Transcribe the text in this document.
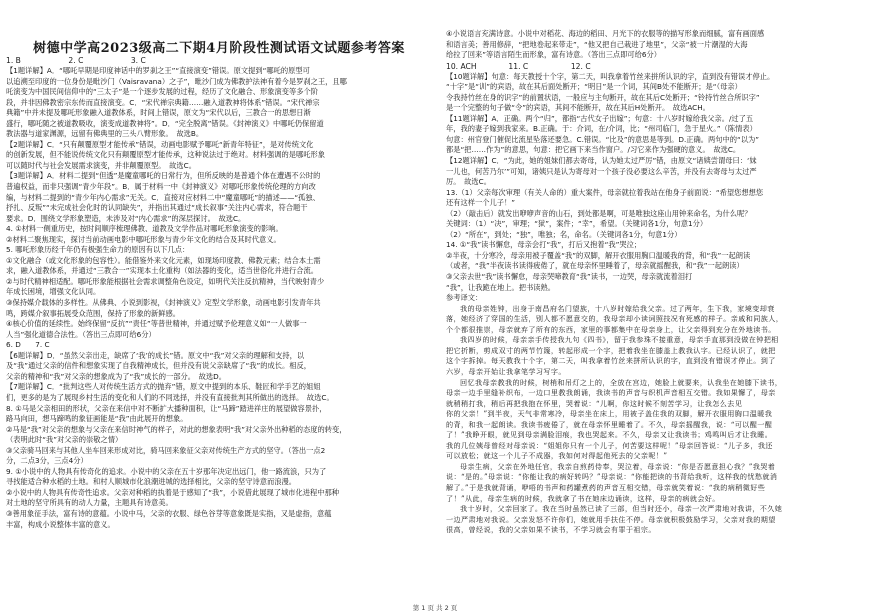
树德中学高2023级高二下期4月阶段性测试语文试题参考答案
1. B	2. C	3. C
【1题详解】A．“哪吒早期是印度神话中的罗刹之王”“直接演变”错误。原文提到“哪吒的原型可
以追溯至印度的一位身份是毗沙门（Vaisravana）之子”，毗沙门成为佛教护法神有着今是罗刹之王，且哪
吒演变为中国民间信仰中的“三太子”是一个逐步发展的过程，经历了文化融合、形象演变等多个阶
段，并非因佛教密宗东传而直接演变。C．“宋代禅宗典籍……融入道教神将体系”错误。“宋代禅宗
典籍”中并未提及哪吒形象融入道教体系，时间上错误，原文为“宋代以后，三教合一的思想日渐
盛行，哪吒随之被道教吸收，演变成道教神将”。D．“完全脱离”错误。《封神演义》中哪吒仍保留道
教法器与道家渊源，远留有佛典里的三头八臂形象。　故选B。
【2题详解】C．“只有颠覆原型才能传承”错误，动画电影赋予哪吒“新青年特征”，是对传统文化
的创新发展，但不能说传统文化只有颠覆原型才能传承，这种说法过于绝对。材料强调的是哪吒形象
可以随时代与社会发展需求演变，并非颠覆原型。　故选C。
【3题详解】A．材料二提到“但透”是魔童哪吒的日常行为，但所反映的是普通个体在遭遇不公时的
普遍权益，而非只强调“青少年段”。B．属于材料一中《封神演义》对哪吒形象传统伦理的方向改
编，与材料二提到的“青少年内心需求”无关。C．直接对应材料二中“魔童哪吒”的描述——“孤独、
抒扎、反叛”“未完成社会化时的认同缺失”，并指出其通过“成长叙事”关注内心需求，符合题干
要求。D．围绕文学形象塑造，未涉及对“内心需求”的深层探讨。　故选C。
4. ①材料一侧重历史，按时间顺序梳理佛教、道教及文学作品对哪吒形象演变的影响。
②材料二聚焦现实，探讨当前动画电影中哪吒形象与青少年文化的结合及其时代意义。
5. 哪吒形象历经千年仍有极强生命力的原因有以下几点：
①文化融合（或文化形象的包容性）。能借鉴外来文化元素，如现场印度教、佛教元素；结合本土需
求，融入道教体系，并通过“三教合一”实现本土化重构（如法器的变化，适当世俗化并进行合流。
②与时代精神相适配。哪吒形象能根据社会需求调整角色设定，如明代关注反抗精神，当代映射青少
年成长困境，增强文化认同。
③保持媒介载体的多样性。从佛典、小说到影视，《封神演义》定型文学形象，动画电影引发青年共
鸣，跨媒介叙事拓展受众范围，保持了形象的新鲜感。
④核心价值的延续性。始终保留“反抗”“责任”等普世精神，并通过赋予伦理意义如“一人做事一
人当”强化道德合法性。（答出三点即可给6分）
6. D　　7. C
【6题详解】D．“虽然父亲出走，缺席了‘我’的成长”错。原文中“我”对父亲的理解和支持，以
及“我”通过父亲的信件和想象实现了自我精神成长，但并没有说父亲缺席了“我”的成长。相反，
父亲的精神和“我”对父亲的想象成为了“我”成长的一部分。　故选D。
【7题详解】C．“批判这些人对传统生活方式的抛弃”错，原文中提到的本乐、鞋匠和学手艺的姐姐
们，更多的是为了展现乡村生活的变化和人们的不同选择，并没有直接批判其所做出的选择。　故选C。
8. ①马是父亲相田的形状，父亲在来信中对不断扩大播种面积，让“马蹄”踏进祥庄的展望做容景扑，
路马向田，想马蹄鸣的象征画能是“我”由此展开的想象。
②马是“我”对父亲的想象与父亲在来信时神气的样子，对此的想象表明“我”对父亲外出种稻的态度的转变，
（表明此时“我”对父亲的崇敬之情）
③父亲骑马回来与其他人坐车回来形成对比，骑马回来象征父亲对传统生产方式的坚守。（答出一点2
分，二点3分，三点4分）
9. ①小说中的人物具有传奇化的追求。小说中的父亲在五十岁那年决定出远门，他一路流浪，只为了
寻找能适合种水稻的土地。和村人顺城市化浪潮进城的选择相比，父亲的坚守诗意而浪漫。
②小说中的人物具有传奇性追求。父亲对种稻的执着是于感知了“我”，小说借此展现了城市化进程中那种
对土地的坚守所具有的动人力量，主题具有诗意美。
③善用象征手法，富有诗的意蕴。小说中马，父亲的衣服、绿色谷芽等意象既是实指，又是虚指，意蕴
丰富，构成小说整体丰富的意义。
④小说语言充满诗意。小说中对稻花、海边的稻田、月光下的衣服等的描写形象而细腻，富有画面感
和语言美；善用修辞，“把地卷起来带走”，“他又把自己栽进了地里”，父亲“被一片潮湿的大海
给拉了回来”等语言陌生而形象，富有诗意。（答出三点即可给6分）
10. ACH	11. C	12. C
【10题详解】句意：每天教授十个字，第二天，叫我拿着竹丝来拼所认识的字，直到没有错误才停止。
“十字”是“训”的宾语，故在其后面处断开；“明日”是一个词，其间B处不能断开；是“（母亲）
令我持竹丝在身的识字”的前置状语，一般应与主句断开，故在其后C处断开；“铃持竹丝合所识字”
是一个完整的句子做“令”的宾语，其间不能断开，故在其后H处断开。　故选ACH。
【11题详解】A．正确。两个“归”，都指“古代女子出嫁”；句意：十八岁时嫁给我父亲。/过了五
年，我的妻子嫁到我家来。B.正确。于：介词，在/介词，比；“州司临门，急于星火。”（陈情表）
句意：州官登门催促比流星坠落还要急。C.错误。“比及”的意思是等到。D.正确。两句中的“以为”
都是“把……作为”的意思，句意：把它画下来当作窗户。/习它来作为强硬的意义。　故选C。
【12题详解】C．“为此，她的姐妹们都去寄母，认为她太过严厉”错，由原文“诸姨尝谓母曰：‘妹
一儿也，何苦乃尔’”可知，诸姨只是认为寄母对一个孩子没必要这么辛苦，并没有去寄母与太过严
厉。　故选C。
13.（1）父亲每次审理（有关人命的）重大案件，母亲就拉着我站在他身子前面说：“希望您想想您
还有这样一个儿子！”
（2）（敲击后）就发出咿咿声音的山石，到处都是啊，可是唯独这座山用钟来命名，为什么呢？
关键词：（1）“决”，审理；“狱”，案件；“幸”，希望。（关键词各1分，句意1分）
（2）“所在”，到处；“独”，唯独；名，命名。（关键词各1分，句意1分）
14. ①“我”读书懈怠，母亲会打“我”，打后又抱着“我”哭泣；
②半夜，十分寒冷，母亲用被子覆盖“我”的双脚，解开衣服用胸口温暖我的背，和“我”一起朗读
（或者，“我”半夜读书读得疲倦了，就在母亲怀里睡着了，母亲就摇醒我，和“我”一起朗读）
③父亲去世“我”读书懈怠，母亲哭啼教育“我”读书，一边哭，母亲就流着泪打
“我”，让我跪在地上。把书读熟。
参考译文：
我的母亲姓钟，出身于南昌府名门望族，十八岁时嫁给我父亲。过了两年，生下我，家境变却衰
落，她经济了穿国的生活，别人都不愿意交的，我母亲却小读词照技况有死感的样子。亲戚和同族人，
个个都很推崇，母亲就弃了所有的东西，家里的事都集中在母亲身上，让父亲得到充分在外地读书。
我四岁的时候，母亲亲手传授我九句《四书》，留于我参珠不接重意，母亲手直那到没做在钟把相
把它折断，剪成双寸的两节竹篾，转起形成一个字，把着我坐在膝盖上教我认字。已经认识了，就把
这个字拆掉。每天教我十个字，第二天，叫我拿着竹丝来拼所认识的字，直到没有错误才停止。到了
六岁，母亲开始让我拿笔学习写字。
回忆我母亲教我的时候，树梢和吊灯之上的，全放在宫边，她脸上就要来，认我坐在她膝下读书，
母亲一边手里缝补织布，一边口里教我朗诵，我读书的声音与织机声音相互交错。我如果懈了，母亲
就稍稍打我，稍后再把我抱在怀里，哭着说：“儿啊，你这时候不刻苦学习，让我怎么去见
你的父亲！”到半夜，天气非常寒冷，母亲坐在床上，用被子盖住我的双脚，解开衣服用胸口温暖我
的背，和我一起朗读。我读书疲倦了，就在母亲怀里睡着了。不久，母亲摇醒我，说：“可以醒一醒
了！”我睁开眼，就见到母亲满脸泪痕，我也哭起来。不久，母亲又让我读书；鸡鸣叫后才让我睡。
我的几位姨母曾经对母亲说：“姐姐你只有一个儿子，何苦要这样呢！”母亲回答说：“儿子多，我还
可以放松；就这一个儿子不成器，我如何对得起他死去的父亲呢！”
母亲生病，父亲在外地任官，我亲自煎药侍奉，哭泣着，母亲说：“你是否愿意担心我？”我哭着
说：“是的。”母亲说：“你能让我的病好转吗？”母亲说：“你能把读的书背给我听，这样我的忧愁就消
解了。”于是我就背诵，咿唔的书声和药罐煮药的声音互相交错，母亲就笑着说：“我的病稍微好些
了！”从此，母亲生病的时候，我就拿了书在她床边诵读，这样，母亲的病就会好。
我十岁时，父亲回家了。我在当时虽然已读了三部，但当时还小，母亲一次严肃地对我讲，不久她
一边严肃地对我说。父亲发怒不许你们，她就用手扶住不停。母亲就积极鼓励学习，父亲对我的期望
很高，曾经说，我的父亲如果不读书，不学习就会有罪于祖宗。
第 1 页 共 2 页
